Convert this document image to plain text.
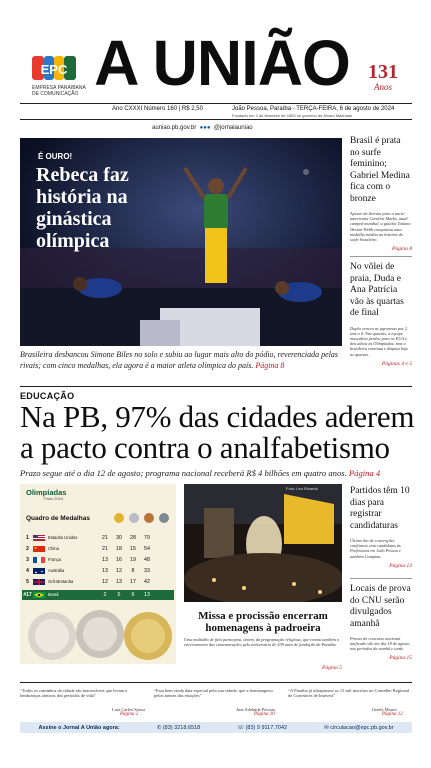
EPC
EMPRESA PARAIBANA
DE COMUNICAÇÃO A UNIÃO 131
Anos
Ano CXXXI Número 160 | R$ 2,50	João Pessoa, Paraíba - TERÇA-FEIRA, 6 de agosto de 2024
Fundado em 2 de fevereiro de 1893 no governo de Álvaro Machado
auniao.pb.gov.br ●●● @jornalauniao
É OURO!
Rebeca faz história na ginástica olímpica
Brasileira desbancou Simone Biles no solo e subiu ao lugar mais alto do pódio, reverenciada pelas rivais; com cinco medalhas, ela agora é a maior atleta olímpica do país. Página 8
Brasil é prata no surfe feminino; Gabriel Medina fica com o bronze
Apesar da derrota para a norte-americana Caroline Marks, atual campeã mundial, a gaúcha Tatiana Weston-Webb conquistou uma medalha inédita na história do surfe brasileiro.
Página 8
No vôlei de praia, Duda e Ana Patrícia vão às quartas de final
Dupla venceu as japonesas por 2 sets a 0. Nas quartas, a equipe masculina perdeu para os EUA e deu adeus às Olimpíadas, mas a brasileira continua e disputa hoje as quartas.
Páginas 4 e 5
Partidos têm 10 dias para registrar candidaturas
Último dia de convenções confirmou com candidatos às Prefeituras em João Pessoa e também Campina.
Página 13
Locais de prova do CNU serão divulgados amanhã
Provas do concurso nacional unificado vão ser dia 18 de agosto, nos períodos da manhã e tarde.
Página 15
EDUCAÇÃO
Na PB, 97% das cidades aderem a pacto contra o analfabetismo
Prazo segue até o dia 12 de agosto; programa nacional receberá R$ 4 bilhões em quatro anos. Página 4
Olimpíadas
Paris 2024
Quadro de Medalhas
1	Estados Unidos	21	30	28	79
2	China	21	18	15	54
3	França	13	16	19	48
4	Austrália	13	12	8	33
5	Grã-Bretanha	12	13	17	42
#17	Brasil	2	5	6	13
Foto: Leo Ricardo
Missa e procissão encerram homenagens à padroeira
Uma multidão de fiéis participou, ontem, da programação religiosa, que reuniu também o encerramento das comemorações pelo aniversário de 439 anos de fundação da Paraíba.
Página 5
“Todos os caminhos da cidade são inacessíveis que levam a lembranças afetivas dos períodos de vida”
Luiz Carlos Sousa
Página 2
“Esta bem vinda data especial pela sua cidade, que a homenageou pelos nomes das estações”
Ana Adelaide Peixoto
Página 10
“A Paraíba já ultrapassou os 15 mil inscritos no Conselho Regional de Corretores de Imóveis”
Gisele Moura
Página 12
Assine o Jornal A União agora:	✆ (83) 3218.6518	☏ (83) 9 9117.7042	✉ circulacao@epc.pb.gov.br
